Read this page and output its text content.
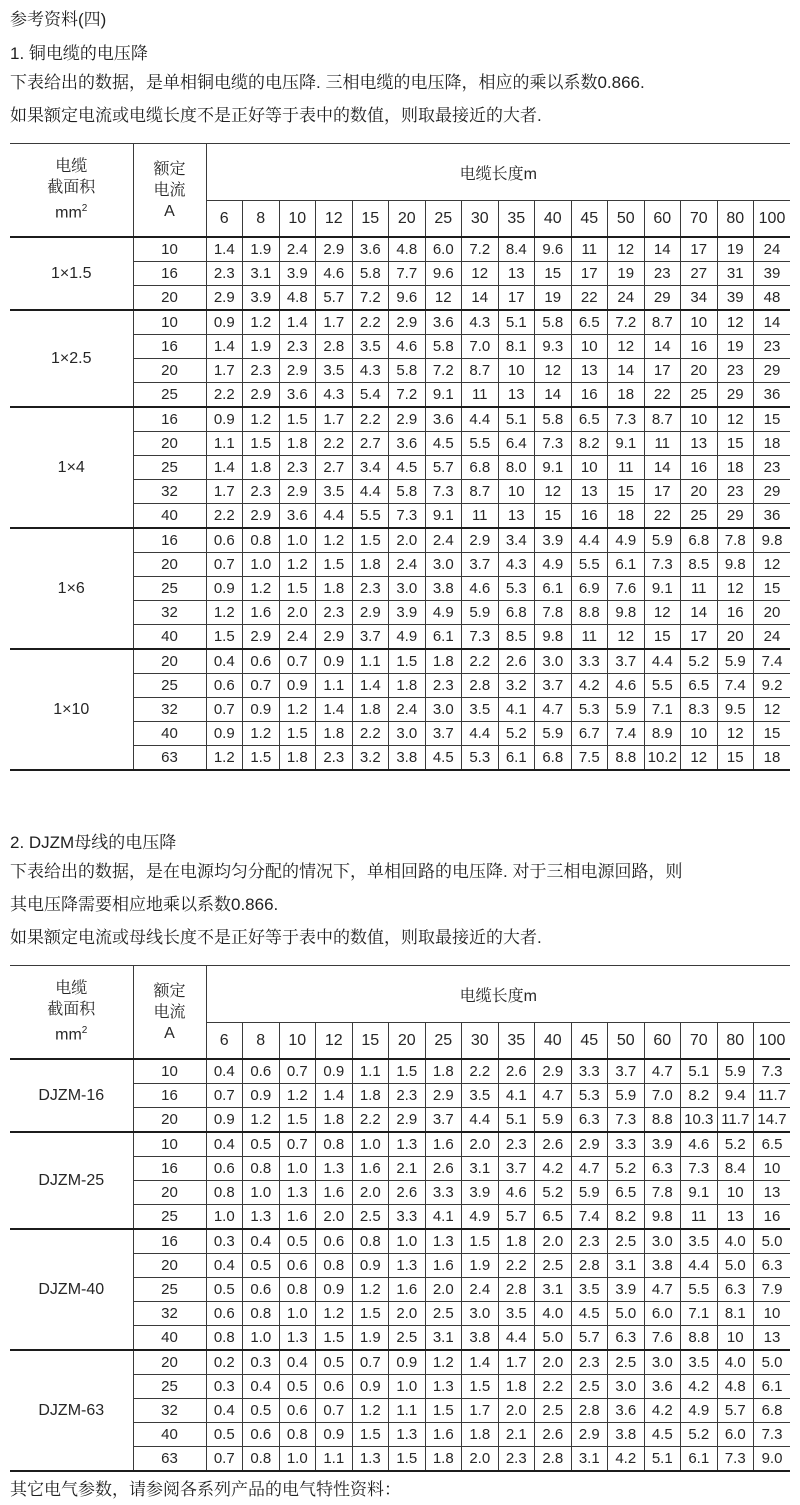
参考资料(四)

1. 铜电缆的电压降

下表给出的数据，是单相铜电缆的电压降. 三相电缆的电压降，相应的乘以系数0.866.

如果额定电流或电缆长度不是正好等于表中的数值，则取最接近的大者.

电缆
截面积
$mm^2$

额定
电流
A
	电缆长度m
		6	8	10	12	15	20	25	30	35	40	45	50	60	70	80	100
1×1.5	10	1.4	1.9	2.4	2.9	3.6	4.8	6.0	7.2	8.4	9.6	11	12	14	17	19	24
	16	2.3	3.1	3.9	4.6	5.8	7.7	9.6	12	13	15	17	19	23	27	31	39
	20	2.9	3.9	4.8	5.7	7.2	9.6	12	14	17	19	22	24	29	34	39	48
1×2.5	10	0.9	1.2	1.4	1.7	2.2	2.9	3.6	4.3	5.1	5.8	6.5	7.2	8.7	10	12	14
	16	1.4	1.9	2.3	2.8	3.5	4.6	5.8	7.0	8.1	9.3	10	12	14	16	19	23
	20	1.7	2.3	2.9	3.5	4.3	5.8	7.2	8.7	10	12	13	14	17	20	23	29
	25	2.2	2.9	3.6	4.3	5.4	7.2	9.1	11	13	14	16	18	22	25	29	36
1×4	16	0.9	1.2	1.5	1.7	2.2	2.9	3.6	4.4	5.1	5.8	6.5	7.3	8.7	10	12	15
	20	1.1	1.5	1.8	2.2	2.7	3.6	4.5	5.5	6.4	7.3	8.2	9.1	11	13	15	18
	25	1.4	1.8	2.3	2.7	3.4	4.5	5.7	6.8	8.0	9.1	10	11	14	16	18	23
	32	1.7	2.3	2.9	3.5	4.4	5.8	7.3	8.7	10	12	13	15	17	20	23	29
	40	2.2	2.9	3.6	4.4	5.5	7.3	9.1	11	13	15	16	18	22	25	29	36
1×6	16	0.6	0.8	1.0	1.2	1.5	2.0	2.4	2.9	3.4	3.9	4.4	4.9	5.9	6.8	7.8	9.8
	20	0.7	1.0	1.2	1.5	1.8	2.4	3.0	3.7	4.3	4.9	5.5	6.1	7.3	8.5	9.8	12
	25	0.9	1.2	1.5	1.8	2.3	3.0	3.8	4.6	5.3	6.1	6.9	7.6	9.1	11	12	15
	32	1.2	1.6	2.0	2.3	2.9	3.9	4.9	5.9	6.8	7.8	8.8	9.8	12	14	16	20
	40	1.5	2.9	2.4	2.9	3.7	4.9	6.1	7.3	8.5	9.8	11	12	15	17	20	24
1×10	20	0.4	0.6	0.7	0.9	1.1	1.5	1.8	2.2	2.6	3.0	3.3	3.7	4.4	5.2	5.9	7.4
	25	0.6	0.7	0.9	1.1	1.4	1.8	2.3	2.8	3.2	3.7	4.2	4.6	5.5	6.5	7.4	9.2
	32	0.7	0.9	1.2	1.4	1.8	2.4	3.0	3.5	4.1	4.7	5.3	5.9	7.1	8.3	9.5	12
	40	0.9	1.2	1.5	1.8	2.2	3.0	3.7	4.4	5.2	5.9	6.7	7.4	8.9	10	12	15
	63	1.2	1.5	1.8	2.3	3.2	3.8	4.5	5.3	6.1	6.8	7.5	8.8	10.2	12	15	18

2. DJZM母线的电压降

下表给出的数据，是在电源均匀分配的情况下，单相回路的电压降. 对于三相电源回路，则

其电压降需要相应地乘以系数0.866.

如果额定电流或母线长度不是正好等于表中的数值，则取最接近的大者.

电缆
截面积
$mm^2$

额定
电流
A
	电缆长度m
		6	8	10	12	15	20	25	30	35	40	45	50	60	70	80	100
DJZM-16	10	0.4	0.6	0.7	0.9	1.1	1.5	1.8	2.2	2.6	2.9	3.3	3.7	4.7	5.1	5.9	7.3
	16	0.7	0.9	1.2	1.4	1.8	2.3	2.9	3.5	4.1	4.7	5.3	5.9	7.0	8.2	9.4	11.7
	20	0.9	1.2	1.5	1.8	2.2	2.9	3.7	4.4	5.1	5.9	6.3	7.3	8.8	10.3	11.7	14.7
DJZM-25	10	0.4	0.5	0.7	0.8	1.0	1.3	1.6	2.0	2.3	2.6	2.9	3.3	3.9	4.6	5.2	6.5
	16	0.6	0.8	1.0	1.3	1.6	2.1	2.6	3.1	3.7	4.2	4.7	5.2	6.3	7.3	8.4	10
	20	0.8	1.0	1.3	1.6	2.0	2.6	3.3	3.9	4.6	5.2	5.9	6.5	7.8	9.1	10	13
	25	1.0	1.3	1.6	2.0	2.5	3.3	4.1	4.9	5.7	6.5	7.4	8.2	9.8	11	13	16
DJZM-40	16	0.3	0.4	0.5	0.6	0.8	1.0	1.3	1.5	1.8	2.0	2.3	2.5	3.0	3.5	4.0	5.0
	20	0.4	0.5	0.6	0.8	0.9	1.3	1.6	1.9	2.2	2.5	2.8	3.1	3.8	4.4	5.0	6.3
	25	0.5	0.6	0.8	0.9	1.2	1.6	2.0	2.4	2.8	3.1	3.5	3.9	4.7	5.5	6.3	7.9
	32	0.6	0.8	1.0	1.2	1.5	2.0	2.5	3.0	3.5	4.0	4.5	5.0	6.0	7.1	8.1	10
	40	0.8	1.0	1.3	1.5	1.9	2.5	3.1	3.8	4.4	5.0	5.7	6.3	7.6	8.8	10	13
DJZM-63	20	0.2	0.3	0.4	0.5	0.7	0.9	1.2	1.4	1.7	2.0	2.3	2.5	3.0	3.5	4.0	5.0
	25	0.3	0.4	0.5	0.6	0.9	1.0	1.3	1.5	1.8	2.2	2.5	3.0	3.6	4.2	4.8	6.1
	32	0.4	0.5	0.6	0.7	1.2	1.1	1.5	1.7	2.0	2.5	2.8	3.6	4.2	4.9	5.7	6.8
	40	0.5	0.6	0.8	0.9	1.5	1.3	1.6	1.8	2.1	2.6	2.9	3.8	4.5	5.2	6.0	7.3
	63	0.7	0.8	1.0	1.1	1.3	1.5	1.8	2.0	2.3	2.8	3.1	4.2	5.1	6.1	7.3	9.0

其它电气参数，请参阅各系列产品的电气特性资料：
